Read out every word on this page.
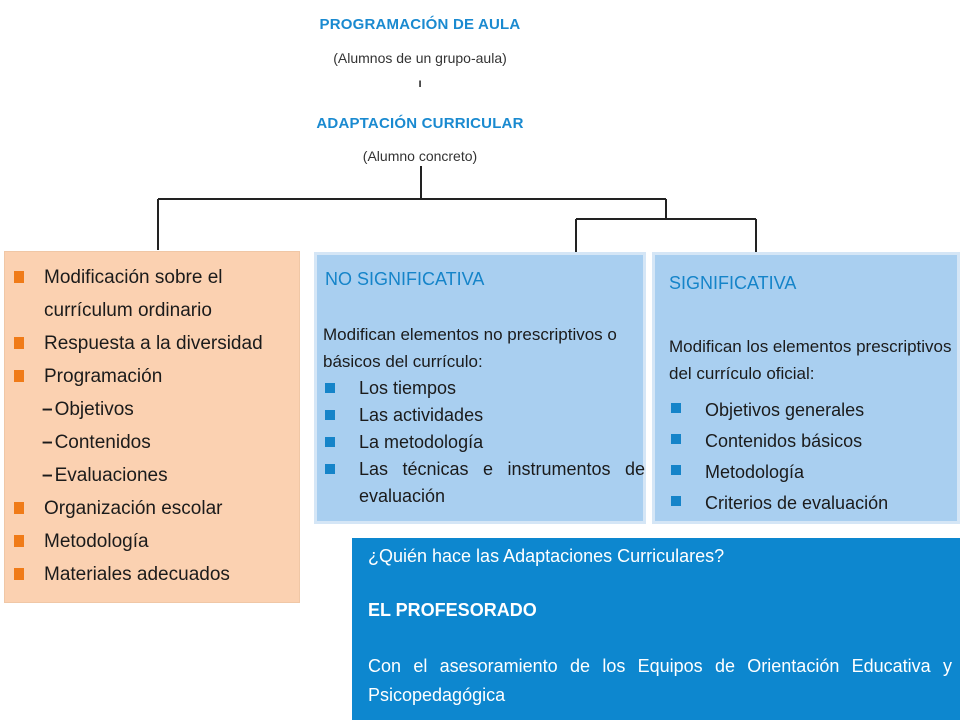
PROGRAMACIÓN DE AULA
(Alumnos de un grupo-aula)
ı
ADAPTACIÓN CURRICULAR
(Alumno concreto)
Modificación sobre el currículum ordinario
Respuesta a la diversidad
Programación
– Objetivos
– Contenidos
– Evaluaciones
Organización escolar
Metodología
Materiales adecuados
NO SIGNIFICATIVA
Modifican elementos no prescriptivos o básicos del currículo:
Los tiempos
Las actividades
La metodología
Las técnicas e instrumentos de evaluación
SIGNIFICATIVA
Modifican los elementos prescriptivos del currículo oficial:
Objetivos generales
Contenidos básicos
Metodología
Criterios de evaluación
¿Quién hace las Adaptaciones Curriculares?
EL PROFESORADO
Con el asesoramiento de los Equipos de Orientación Educativa y Psicopedagógica
